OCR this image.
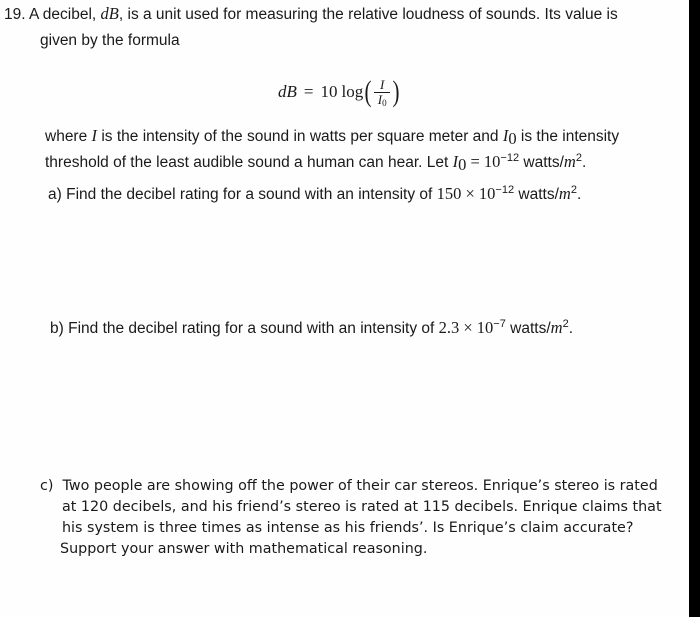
19. A decibel, dB, is a unit used for measuring the relative loudness of sounds. Its value is
given by the formula
dB = 10 log ( $\frac{I}{I_0}$ )
where I is the intensity of the sound in watts per square meter and $I_0$ is the intensity
threshold of the least audible sound a human can hear. Let $I_0 = 10^{-12}$ watts/$m^2$.
a) Find the decibel rating for a sound with an intensity of $150 \times 10^{-12}$ watts/$m^2$.
b) Find the decibel rating for a sound with an intensity of $2.3 \times 10^{-7}$ watts/$m^2$.
c) Two people are showing off the power of their car stereos. Enrique’s stereo is rated
at 120 decibels, and his friend’s stereo is rated at 115 decibels. Enrique claims that
his system is three times as intense as his friends’. Is Enrique’s claim accurate?
Support your answer with mathematical reasoning.
